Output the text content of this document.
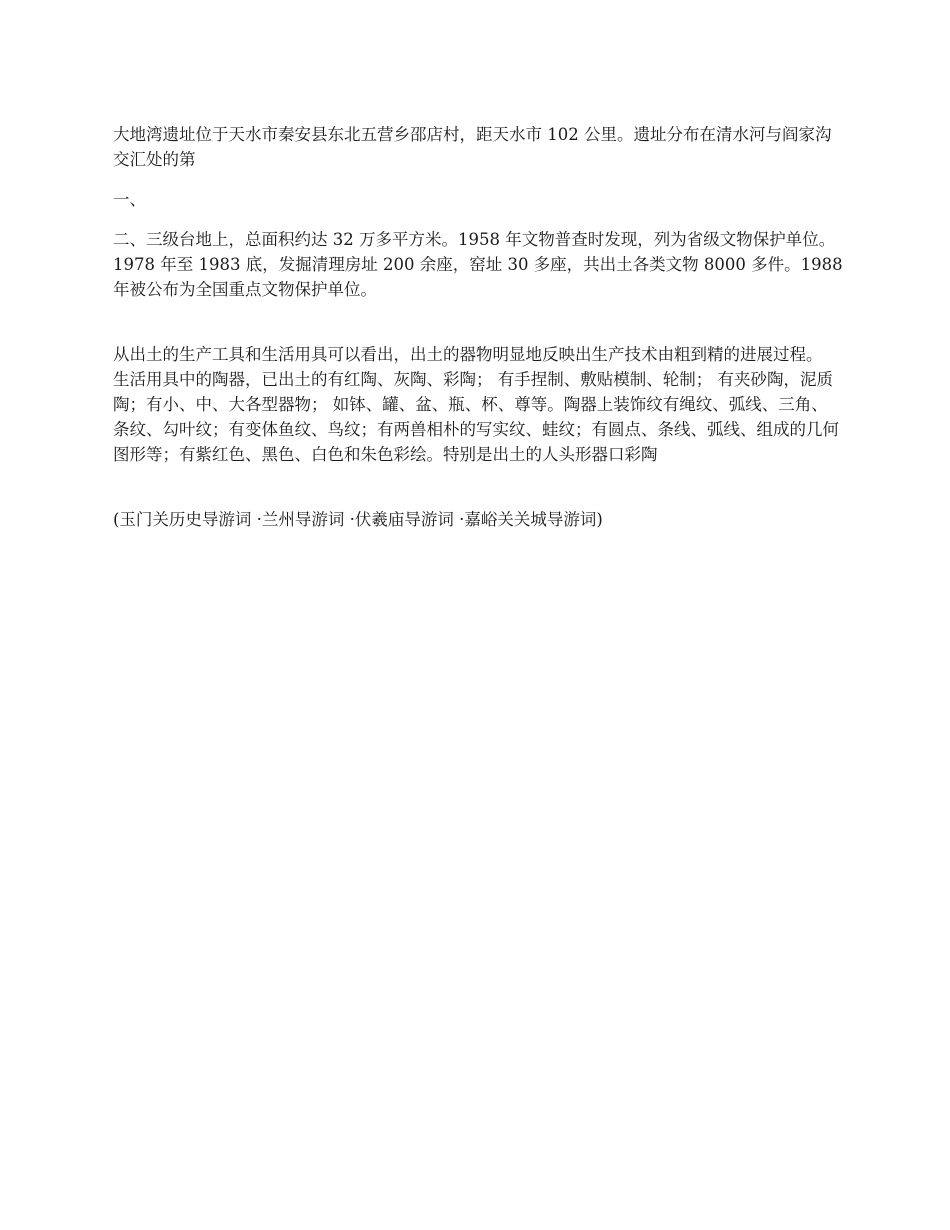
大地湾遗址位于天水市秦安县东北五营乡邵店村，距天水市 102 公里。遗址分布在清水河与阎家沟交汇处的第

一、

二、三级台地上，总面积约达 32 万多平方米。1958 年文物普查时发现，列为省级文物保护单位。1978 年至 1983 底，发掘清理房址 200 余座，窑址 30 多座，共出土各类文物 8000 多件。1988 年被公布为全国重点文物保护单位。

从出土的生产工具和生活用具可以看出，出土的器物明显地反映出生产技术由粗到精的进展过程。 生活用具中的陶器，已出土的有红陶、灰陶、彩陶； 有手捏制、敷贴模制、轮制； 有夹砂陶，泥质陶；有小、中、大各型器物； 如钵、罐、盆、瓶、杯、尊等。陶器上装饰纹有绳纹、弧线、三角、条纹、勾叶纹；有变体鱼纹、鸟纹；有两兽相朴的写实纹、蛙纹；有圆点、条线、弧线、组成的几何图形等；有紫红色、黑色、白色和朱色彩绘。特别是出土的人头形器口彩陶

(玉门关历史导游词 ·兰州导游词 ·伏羲庙导游词 ·嘉峪关关城导游词)
